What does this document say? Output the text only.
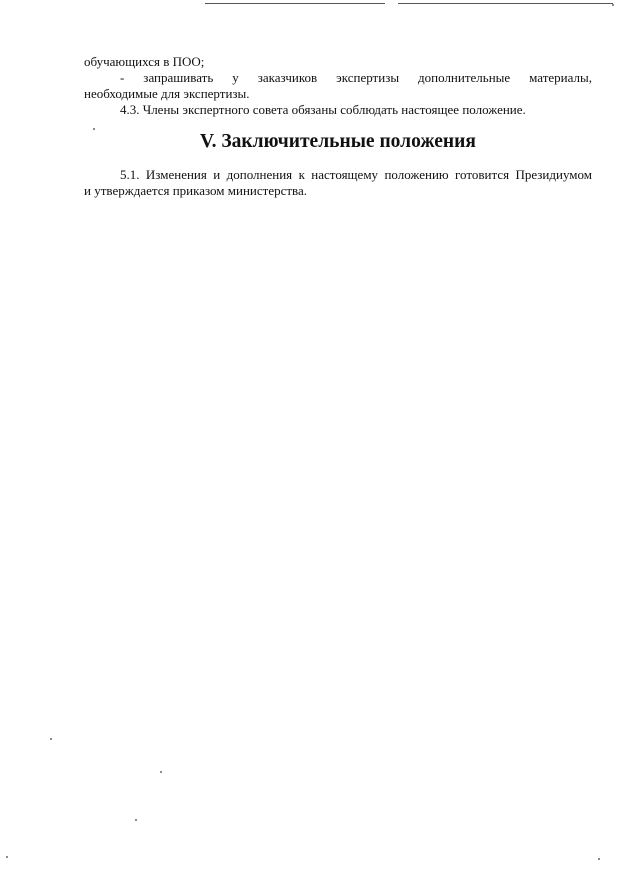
обучающихся в ПОО;

- запрашивать у заказчиков экспертизы дополнительные материалы,

необходимые для экспертизы.

4.3. Члены экспертного совета обязаны соблюдать настоящее положение.

V. Заключительные положения

5.1. Изменения и дополнения к настоящему положению готовится Президиумом

и утверждается приказом министерства.
